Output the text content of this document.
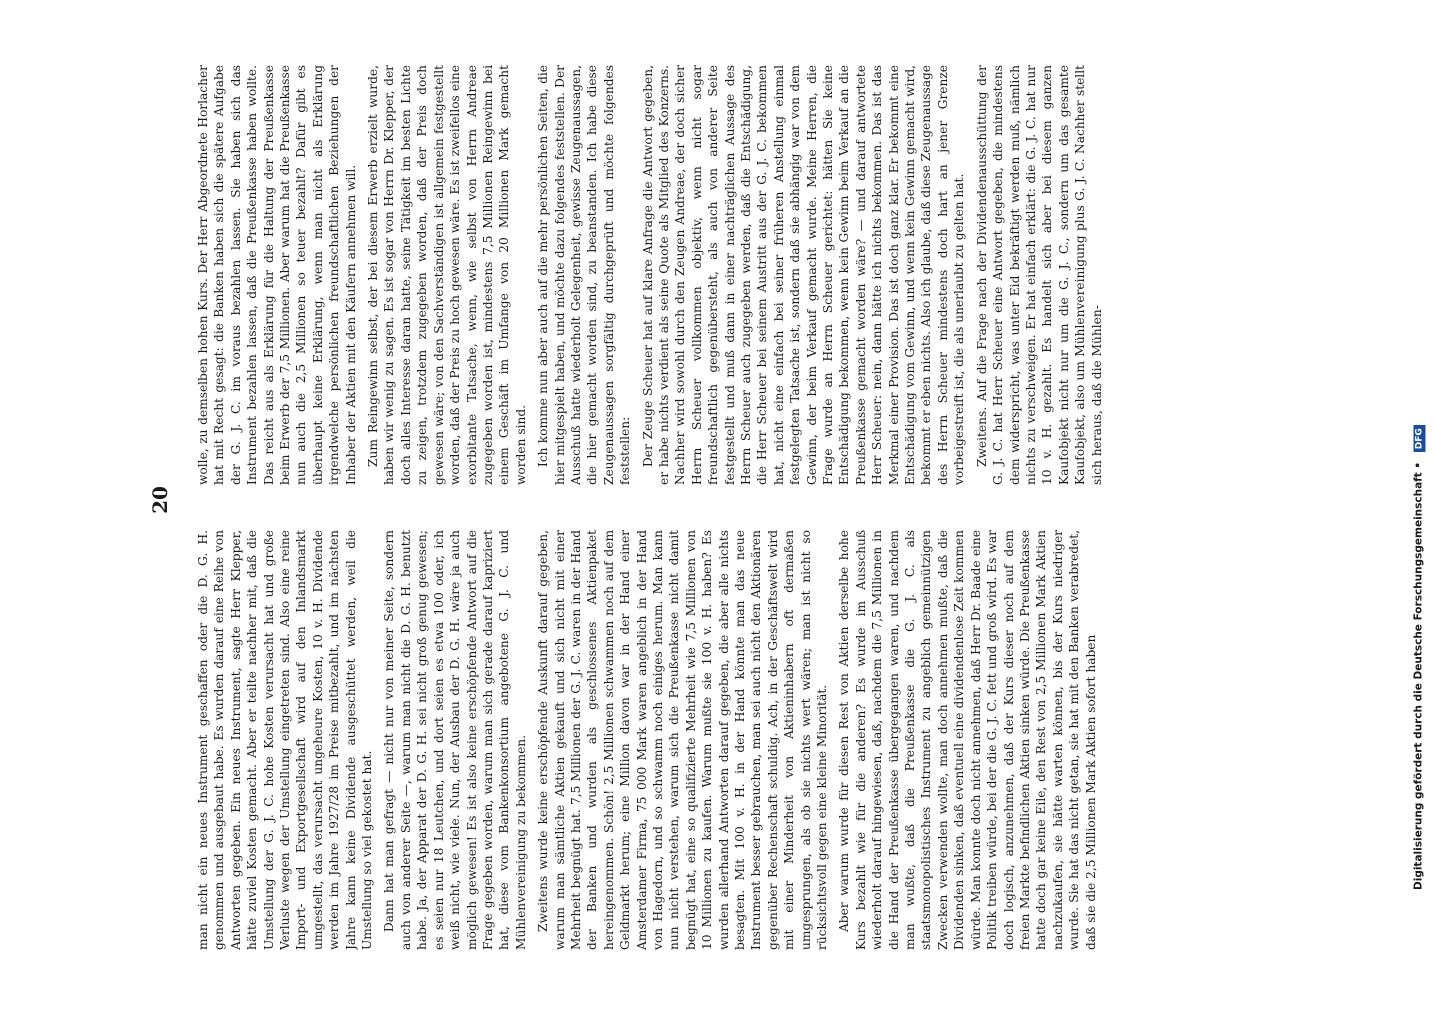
20

man nicht ein neues Instrument geschaffen oder die D. G. H. genommen und ausgebaut habe. Es wurden darauf eine Reihe von Antworten gegeben. Ein neues Instrument, sagte Herr Klepper, hätte zuviel Kosten gemacht. Aber er teilte nachher mit, daß die Umstellung der G. J. C. hohe Kosten verursacht hat und große Verluste wegen der Umstellung eingetreten sind. Also eine reine Import- und Exportgesellschaft wird auf den Inlandsmarkt umgestellt, das verursacht ungeheure Kosten, 10 v. H. Dividende werden im Jahre 1927/28 im Preise mitbezahlt, und im nächsten Jahre kann keine Dividende ausgeschüttet werden, weil die Umstellung so viel gekostet hat. Dann hat man gefragt — nicht nur von meiner Seite, sondern auch von anderer Seite —, warum man nicht die D. G. H. benutzt habe. Ja, der Apparat der D. G. H. sei nicht groß genug gewesen; es seien nur 18 Leutchen, und dort seien es etwa 100 oder, ich weiß nicht, wie viele. Nun, der Ausbau der D. G. H. wäre ja auch möglich gewesen! Es ist also keine erschöpfende Antwort auf die Frage gegeben worden, warum man sich gerade darauf kapriziert hat, diese vom Bankenkonsortium angebotene G. J. C. und Mühlenvereinigung zu bekommen. Zweitens wurde keine erschöpfende Auskunft darauf gegeben, warum man sämtliche Aktien gekauft und sich nicht mit einer Mehrheit begnügt hat. 7,5 Millionen der G. J. C. waren in der Hand der Banken und wurden als geschlossenes Aktienpaket hereingenommen. Schön! 2,5 Millionen schwammen noch auf dem Geldmarkt herum; eine Million davon war in der Hand einer Amsterdamer Firma, 75 000 Mark waren angeblich in der Hand von Hagedorn, und so schwamm noch einiges herum. Man kann nun nicht verstehen, warum sich die Preußenkasse nicht damit begnügt hat, eine so qualifizierte Mehrheit wie 7,5 Millionen von 10 Millionen zu kaufen. Warum mußte sie 100 v. H. haben? Es wurden allerhand Antworten darauf gegeben, die aber alle nichts besagten. Mit 100 v. H. in der Hand könnte man das neue Instrument besser gebrauchen, man sei auch nicht den Aktionären gegenüber Rechenschaft schuldig. Ach, in der Geschäftswelt wird mit einer Minderheit von Aktieninhabern oft dermaßen umgesprungen, als ob sie nichts wert wären; man ist nicht so rücksichtsvoll gegen eine kleine Minorität. Aber warum wurde für diesen Rest von Aktien derselbe hohe Kurs bezahlt wie für die anderen? Es wurde im Ausschuß wiederholt darauf hingewiesen, daß, nachdem die 7,5 Millionen in die Hand der Preußenkasse übergegangen waren, und nachdem man wußte, daß die Preußenkasse die G. J. C. als staatsmonopolistisches Instrument zu angeblich gemeinnützigen Zwecken verwenden wollte, man doch annehmen mußte, daß die Dividenden sinken, daß eventuell eine dividendenlose Zeit kommen würde. Man konnte doch nicht annehmen, daß Herr Dr. Baade eine Politik treiben würde, bei der die G. J. C. fett und groß wird. Es war doch logisch, anzunehmen, daß der Kurs dieser noch auf dem freien Markte befindlichen Aktien sinken würde. Die Preußenkasse hatte doch gar keine Eile, den Rest von 2,5 Millionen Mark Aktien nachzukaufen, sie hätte warten können, bis der Kurs niedriger wurde. Sie hat das nicht getan, sie hat mit den Banken verabredet, daß sie die 2,5 Millionen Mark Aktien sofort haben

wolle, zu demselben hohen Kurs. Der Herr Abgeordnete Horlacher hat mit Recht gesagt: die Banken haben sich die spätere Aufgabe der G. J. C. im voraus bezahlen lassen. Sie haben sich das Instrument bezahlen lassen, daß die Preußenkasse haben wollte. Das reicht aus als Erklärung für die Haltung der Preußenkasse beim Erwerb der 7,5 Millionen. Aber warum hat die Preußenkasse nun auch die 2,5 Millionen so teuer bezahlt? Dafür gibt es überhaupt keine Erklärung, wenn man nicht als Erklärung irgendwelche persönlichen freundschaftlichen Beziehungen der Inhaber der Aktien mit den Käufern annehmen will. Zum Reingewinn selbst, der bei diesem Erwerb erzielt wurde, haben wir wenig zu sagen. Es ist sogar von Herrn Dr. Klepper, der doch alles Interesse daran hatte, seine Tätigkeit im besten Lichte zu zeigen, trotzdem zugegeben worden, daß der Preis doch gewesen wäre; von den Sachverständigen ist allgemein festgestellt worden, daß der Preis zu hoch gewesen wäre. Es ist zweifellos eine exorbitante Tatsache, wenn, wie selbst von Herrn Andreae zugegeben worden ist, mindestens 7,5 Millionen Reingewinn bei einem Geschäft im Umfange von 20 Millionen Mark gemacht worden sind. Ich komme nun aber auch auf die mehr persönlichen Seiten, die hier mitgespielt haben, und möchte dazu folgendes feststellen. Der Ausschuß hatte wiederholt Gelegenheit, gewisse Zeugenaussagen, die hier gemacht worden sind, zu beanstanden. Ich habe diese Zeugenaussagen sorgfältig durchgeprüft und möchte folgendes feststellen: Der Zeuge Scheuer hat auf klare Anfrage die Antwort gegeben, er habe nichts verdient als seine Quote als Mitglied des Konzerns. Nachher wird sowohl durch den Zeugen Andreae, der doch sicher Herrn Scheuer vollkommen objektiv, wenn nicht sogar freundschaftlich gegenübersteht, als auch von anderer Seite festgestellt und muß dann in einer nachträglichen Aussage des Herrn Scheuer auch zugegeben werden, daß die Entschädigung, die Herr Scheuer bei seinem Austritt aus der G. J. C. bekommen hat, nicht eine einfach bei seiner früheren Anstellung einmal festgelegten Tatsache ist, sondern daß sie abhängig war von dem Gewinn, der beim Verkauf gemacht wurde. Meine Herren, die Frage wurde an Herrn Scheuer gerichtet: hätten Sie keine Entschädigung bekommen, wenn kein Gewinn beim Verkauf an die Preußenkasse gemacht worden wäre? — und darauf antwortete Herr Scheuer: nein, dann hätte ich nichts bekommen. Das ist das Merkmal einer Provision. Das ist doch ganz klar. Er bekommt eine Entschädigung vom Gewinn, und wenn kein Gewinn gemacht wird, bekommt er eben nichts. Also ich glaube, daß diese Zeugenaussage des Herrn Scheuer mindestens doch hart an jener Grenze vorbeigestreift ist, die als unerlaubt zu gelten hat. Zweitens. Auf die Frage nach der Dividendenausschüttung der G. J. C. hat Herr Scheuer eine Antwort gegeben, die mindestens dem widerspricht, was unter Eid bekräftigt werden muß, nämlich nichts zu verschweigen. Er hat einfach erklärt: die G. J. C. hat nur 10 v. H. gezahlt. Es handelt sich aber bei diesem ganzen Kaufobjekt nicht nur um die G. J. C., sondern um das gesamte Kaufobjekt, also um Mühlenvereinigung plus G. J. C. Nachher stellt sich heraus, daß die Mühlen-

Digitalisierung gefördert durch die Deutsche Forschungsgemeinschaft • DFG
